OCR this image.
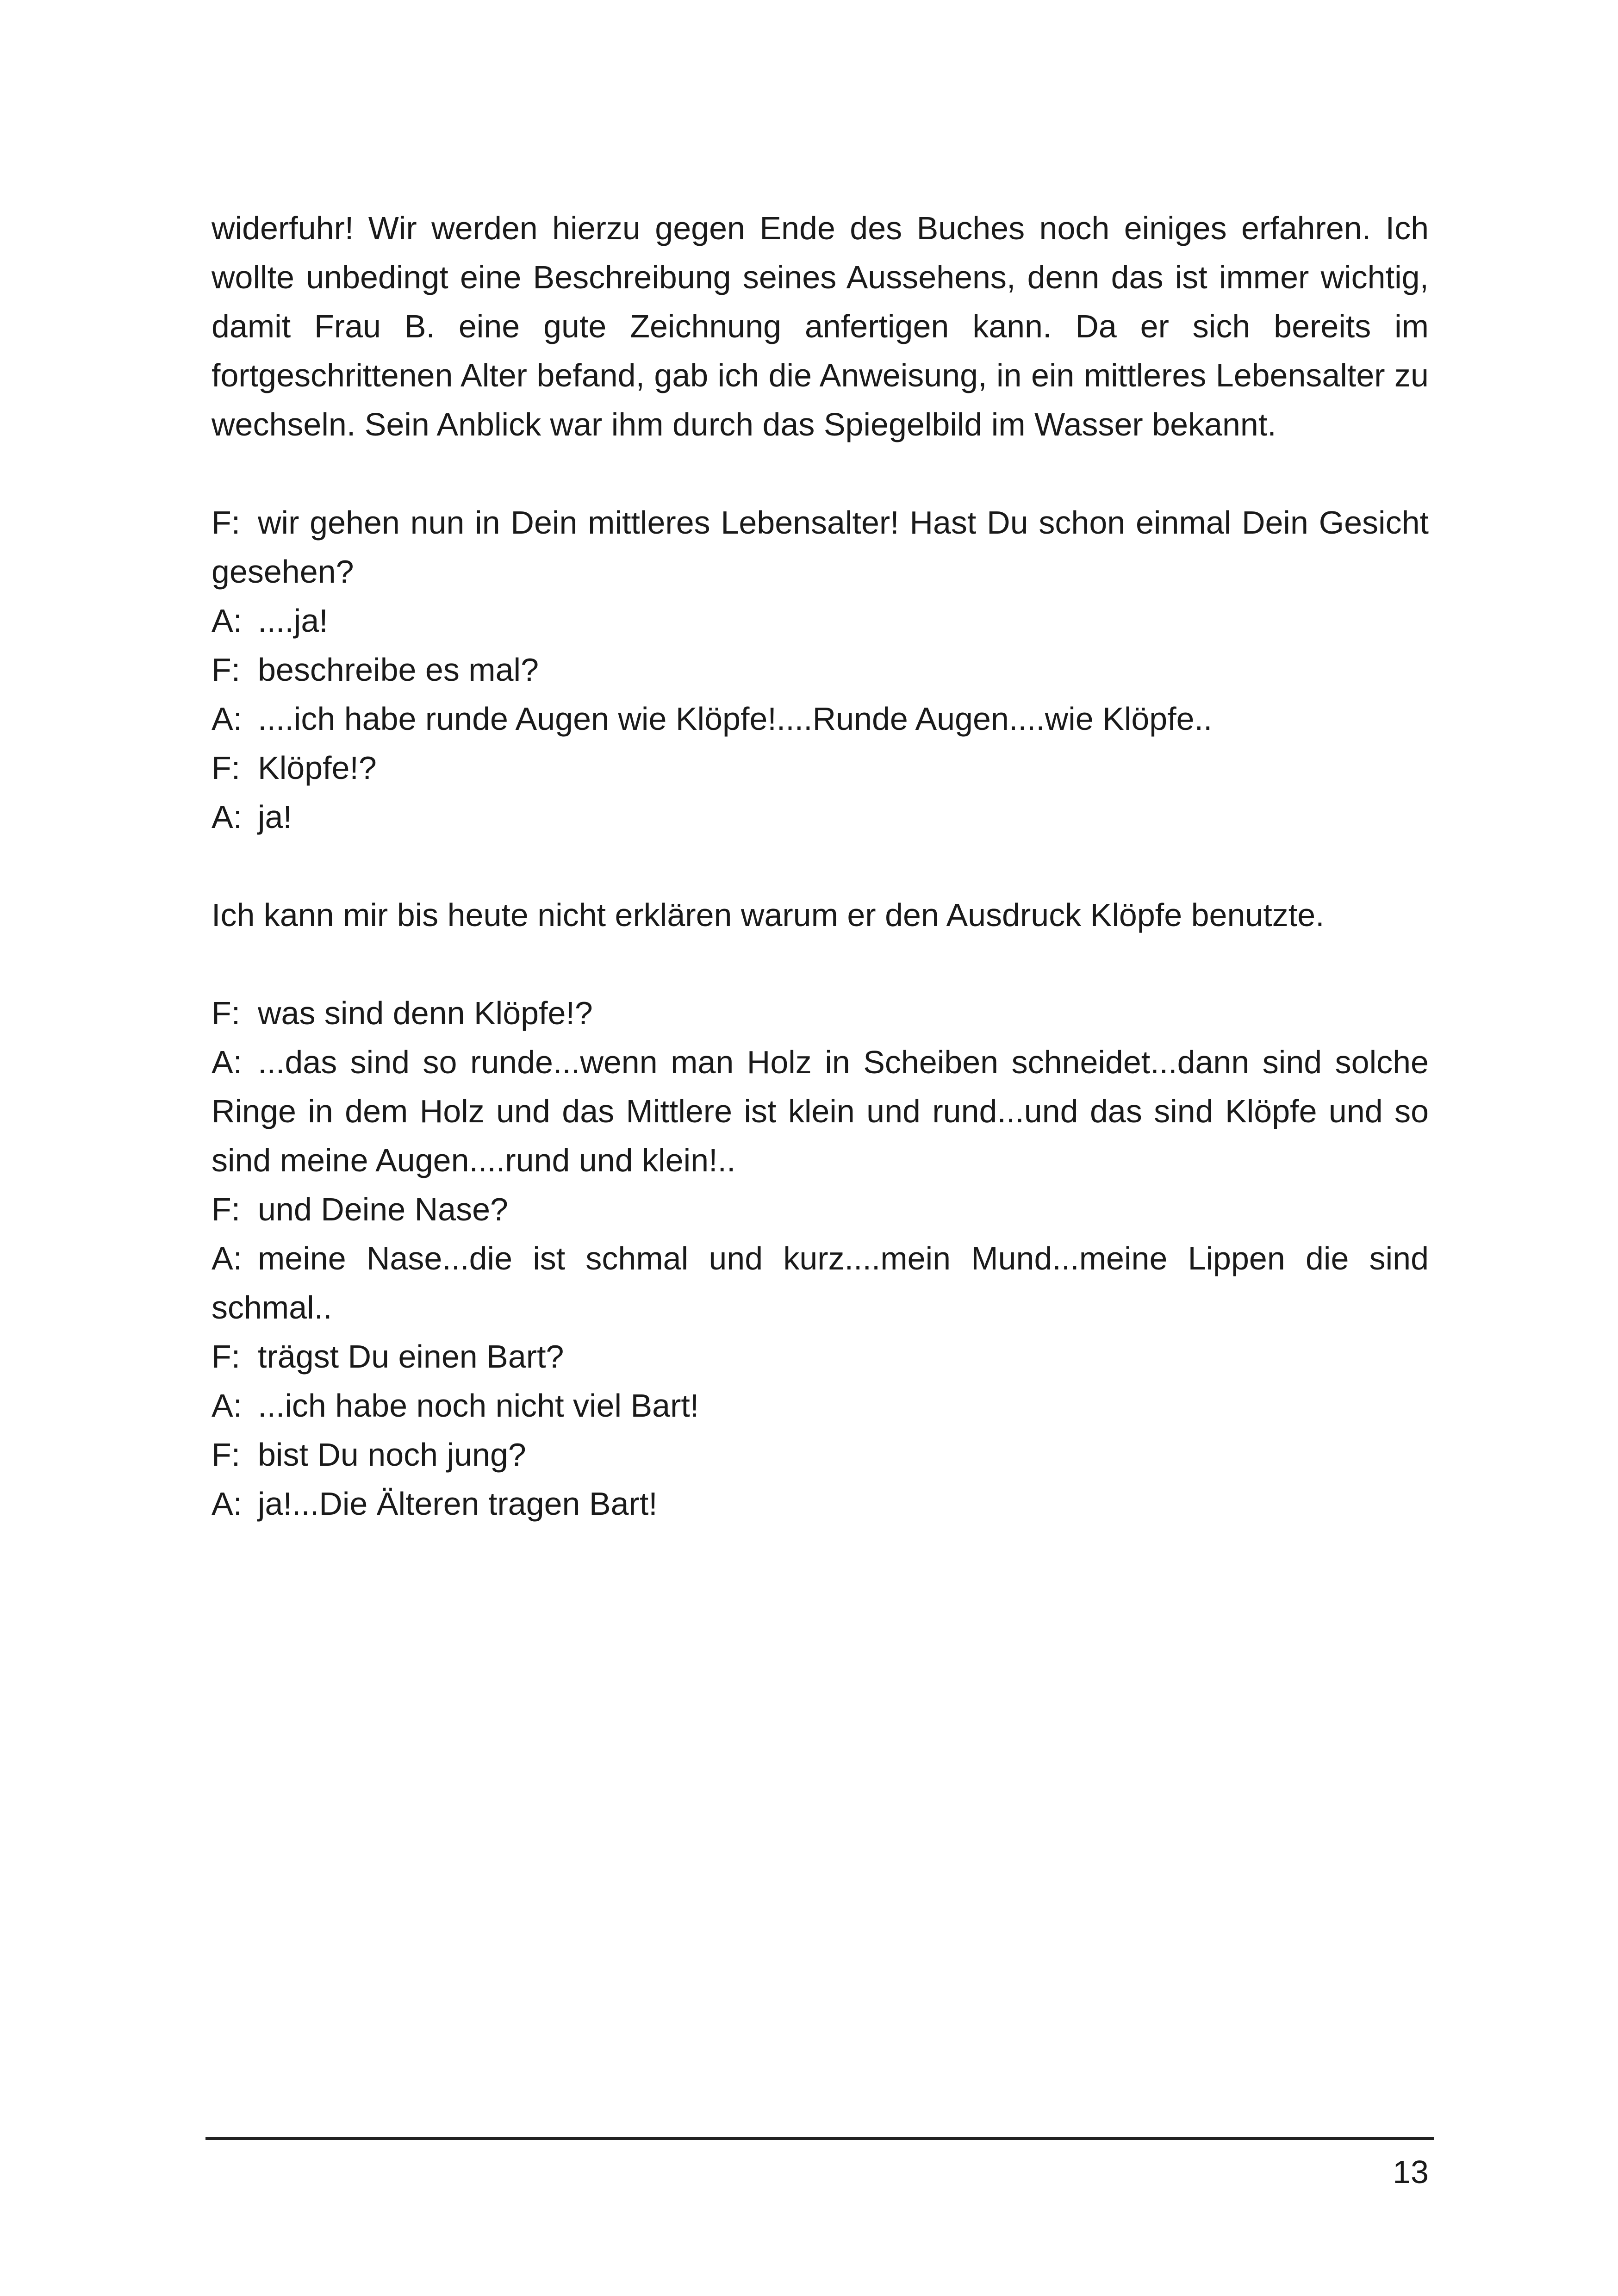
widerfuhr! Wir werden hierzu gegen Ende des Buches noch einiges erfahren. Ich wollte unbedingt eine Beschreibung seines Aussehens, denn das ist immer wichtig, damit Frau B. eine gute Zeichnung anfertigen kann. Da er sich bereits im fortgeschrittenen Alter befand, gab ich die Anweisung, in ein mittleres Lebensalter zu wechseln. Sein Anblick war ihm durch das Spiegelbild im Wasser bekannt.

F: wir gehen nun in Dein mittleres Lebensalter! Hast Du schon einmal Dein Gesicht gesehen?

A: ....ja!

F: beschreibe es mal?

A: ....ich habe runde Augen wie Klöpfe!....Runde Augen....wie Klöpfe..

F: Klöpfe!?

A: ja!

Ich kann mir bis heute nicht erklären warum er den Ausdruck Klöpfe benutzte.

F: was sind denn Klöpfe!?

A: ...das sind so runde...wenn man Holz in Scheiben schneidet...dann sind solche Ringe in dem Holz und das Mittlere ist klein und rund...und das sind Klöpfe und so sind meine Augen....rund und klein!..

F: und Deine Nase?

A: meine Nase...die ist schmal und kurz....mein Mund...meine Lippen die sind schmal..

F: trägst Du einen Bart?

A: ...ich habe noch nicht viel Bart!

F: bist Du noch jung?

A: ja!...Die Älteren tragen Bart!

13
